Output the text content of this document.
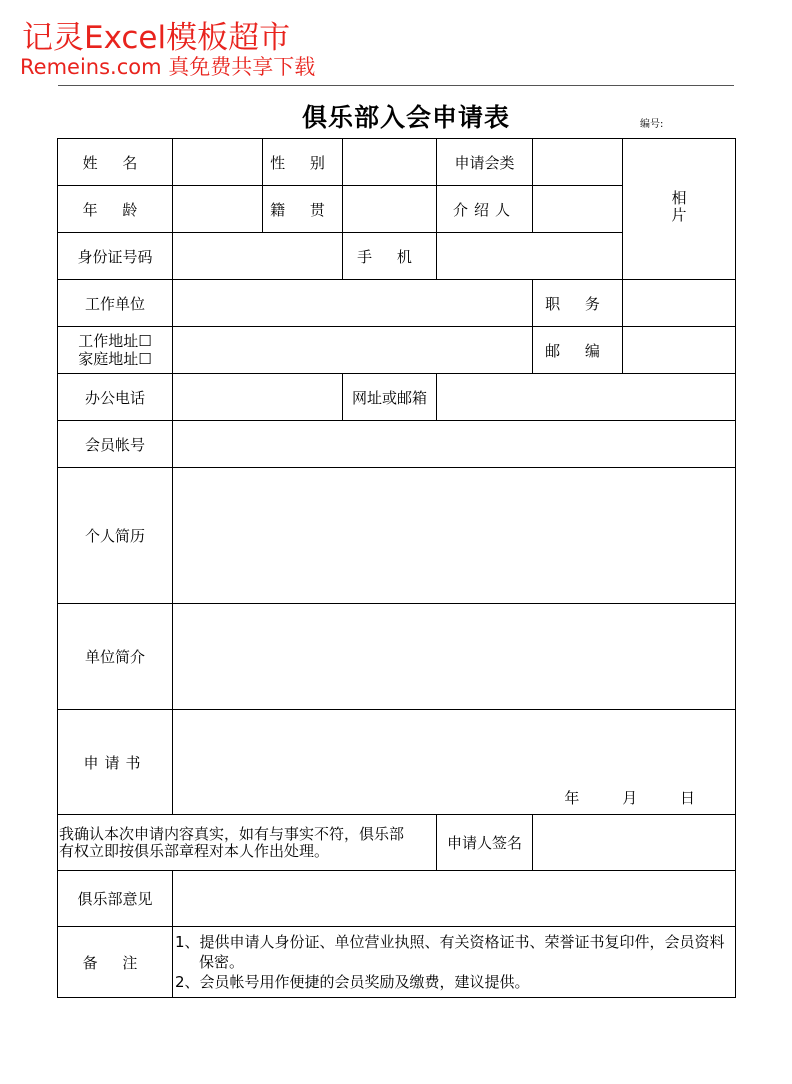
记灵Excel模板超市
Remeins.com 真免费共享下载
俱乐部入会申请表	编号:
姓 名		性 别		申请会类		相片
年 龄		籍 贯		介绍人		
身份证号码			手 机			
工作单位					职 务	
工作地址☐
家庭地址☐					邮 编	
办公电话			网址或邮箱			
会员帐号						
个人简历						
单位简介						
申请书	年 月 日					

我确认本次申请内容真实，如有与事实不符，俱乐部
有权立即按俱乐部章程对本人作出处理。				申请人签名		
俱乐部意见						
备 注	1、提供申请人身份证、单位营业执照、有关资格证书、荣誉证书复印件，会员资料保密。
2、会员帐号用作便捷的会员奖励及缴费，建议提供。					
